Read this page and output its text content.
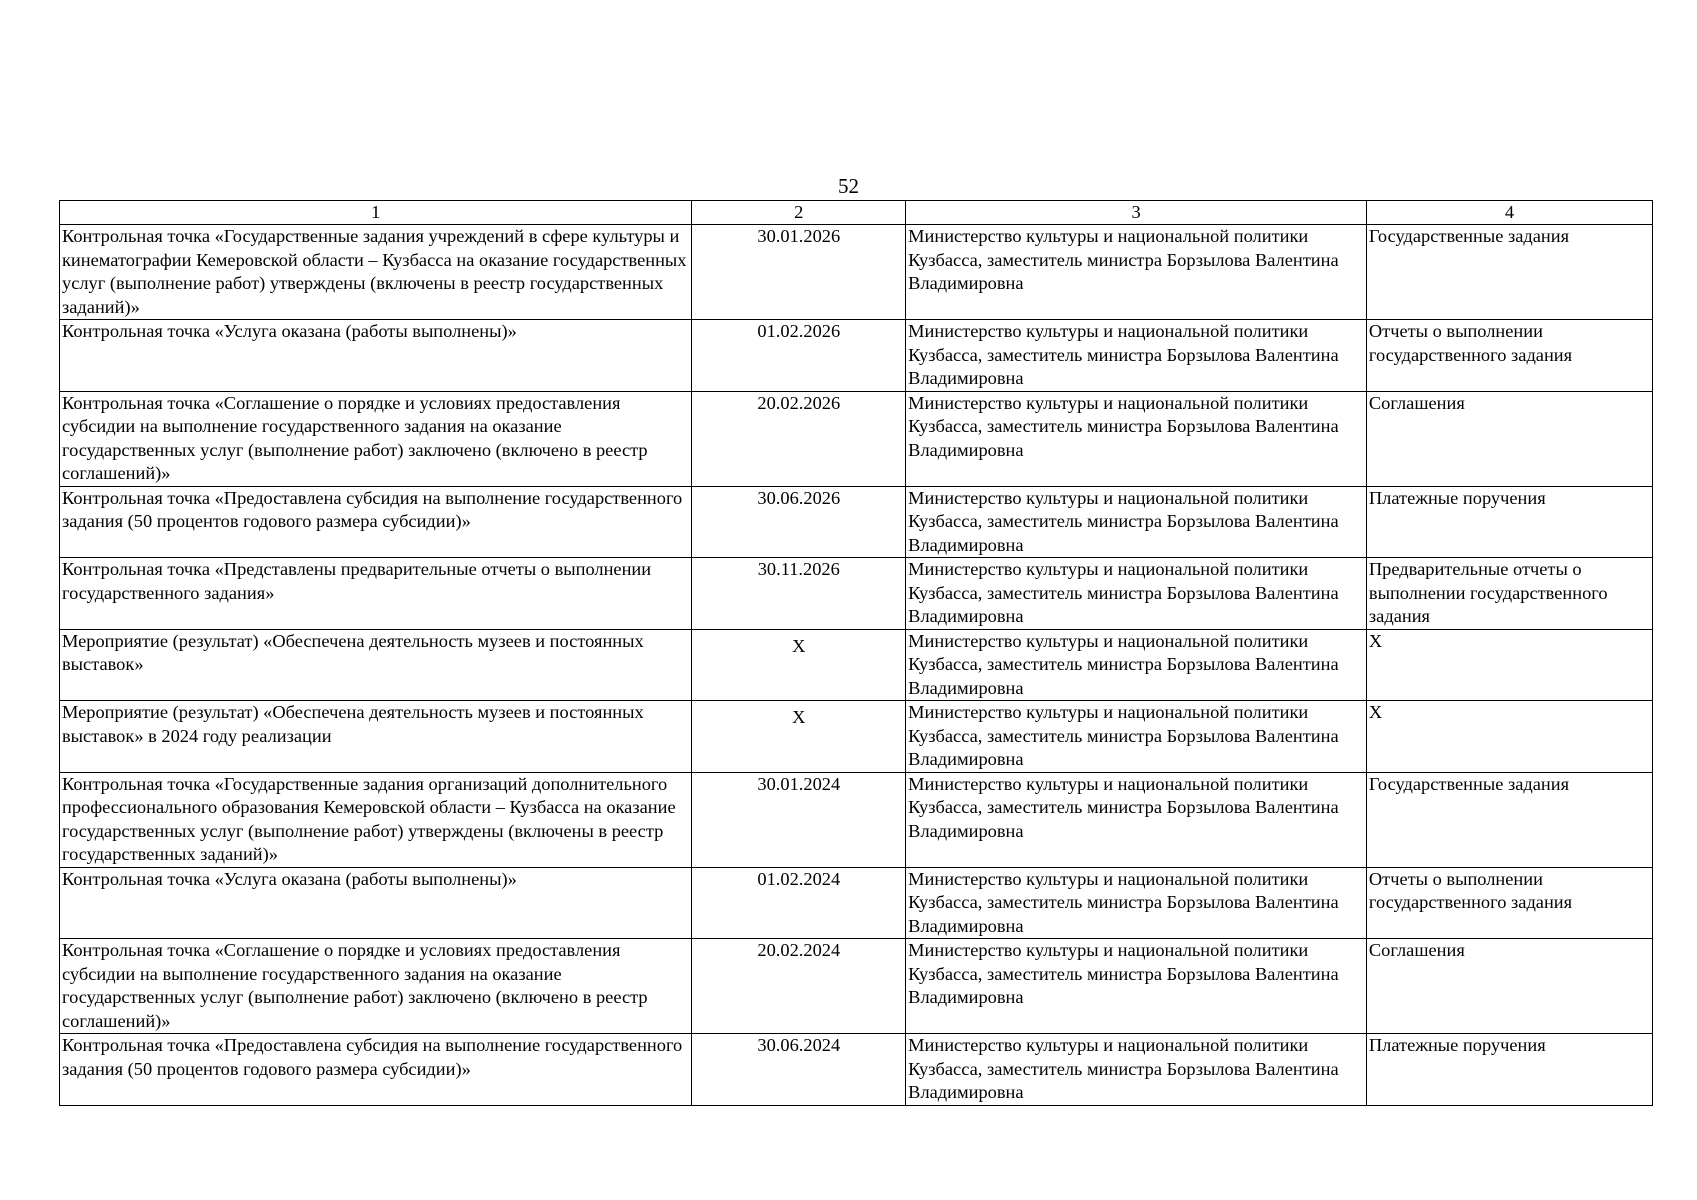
52
1	2	3	4
Контрольная точка «Государственные задания учреждений в сфере культуры и кинематографии Кемеровской области – Кузбасса на оказание государственных услуг (выполнение работ) утверждены (включены в реестр государственных заданий)»	30.01.2026	Министерство культуры и национальной политики Кузбасса, заместитель министра Борзылова Валентина Владимировна	Государственные задания
Контрольная точка «Услуга оказана (работы выполнены)»	01.02.2026	Министерство культуры и национальной политики Кузбасса, заместитель министра Борзылова Валентина Владимировна	Отчеты о выполнении государственного задания
Контрольная точка «Соглашение о порядке и условиях предоставления субсидии на выполнение государственного задания на оказание государственных услуг (выполнение работ) заключено (включено в реестр соглашений)»	20.02.2026	Министерство культуры и национальной политики Кузбасса, заместитель министра Борзылова Валентина Владимировна	Соглашения
Контрольная точка «Предоставлена субсидия на выполнение государственного задания (50 процентов годового размера субсидии)»	30.06.2026	Министерство культуры и национальной политики Кузбасса, заместитель министра Борзылова Валентина Владимировна	Платежные поручения
Контрольная точка «Представлены предварительные отчеты о выполнении государственного задания»	30.11.2026	Министерство культуры и национальной политики Кузбасса, заместитель министра Борзылова Валентина Владимировна	Предварительные отчеты о выполнении государственного задания
Мероприятие (результат) «Обеспечена деятельность музеев и постоянных выставок»	X	Министерство культуры и национальной политики Кузбасса, заместитель министра Борзылова Валентина Владимировна	X
Мероприятие (результат) «Обеспечена деятельность музеев и постоянных выставок» в 2024 году реализации	X	Министерство культуры и национальной политики Кузбасса, заместитель министра Борзылова Валентина Владимировна	X
Контрольная точка «Государственные задания организаций дополнительного профессионального образования Кемеровской области – Кузбасса на оказание государственных услуг (выполнение работ) утверждены (включены в реестр государственных заданий)»	30.01.2024	Министерство культуры и национальной политики Кузбасса, заместитель министра Борзылова Валентина Владимировна	Государственные задания
Контрольная точка «Услуга оказана (работы выполнены)»	01.02.2024	Министерство культуры и национальной политики Кузбасса, заместитель министра Борзылова Валентина Владимировна	Отчеты о выполнении государственного задания
Контрольная точка «Соглашение о порядке и условиях предоставления субсидии на выполнение государственного задания на оказание государственных услуг (выполнение работ) заключено (включено в реестр соглашений)»	20.02.2024	Министерство культуры и национальной политики Кузбасса, заместитель министра Борзылова Валентина Владимировна	Соглашения
Контрольная точка «Предоставлена субсидия на выполнение государственного задания (50 процентов годового размера субсидии)»	30.06.2024	Министерство культуры и национальной политики Кузбасса, заместитель министра Борзылова Валентина Владимировна	Платежные поручения
